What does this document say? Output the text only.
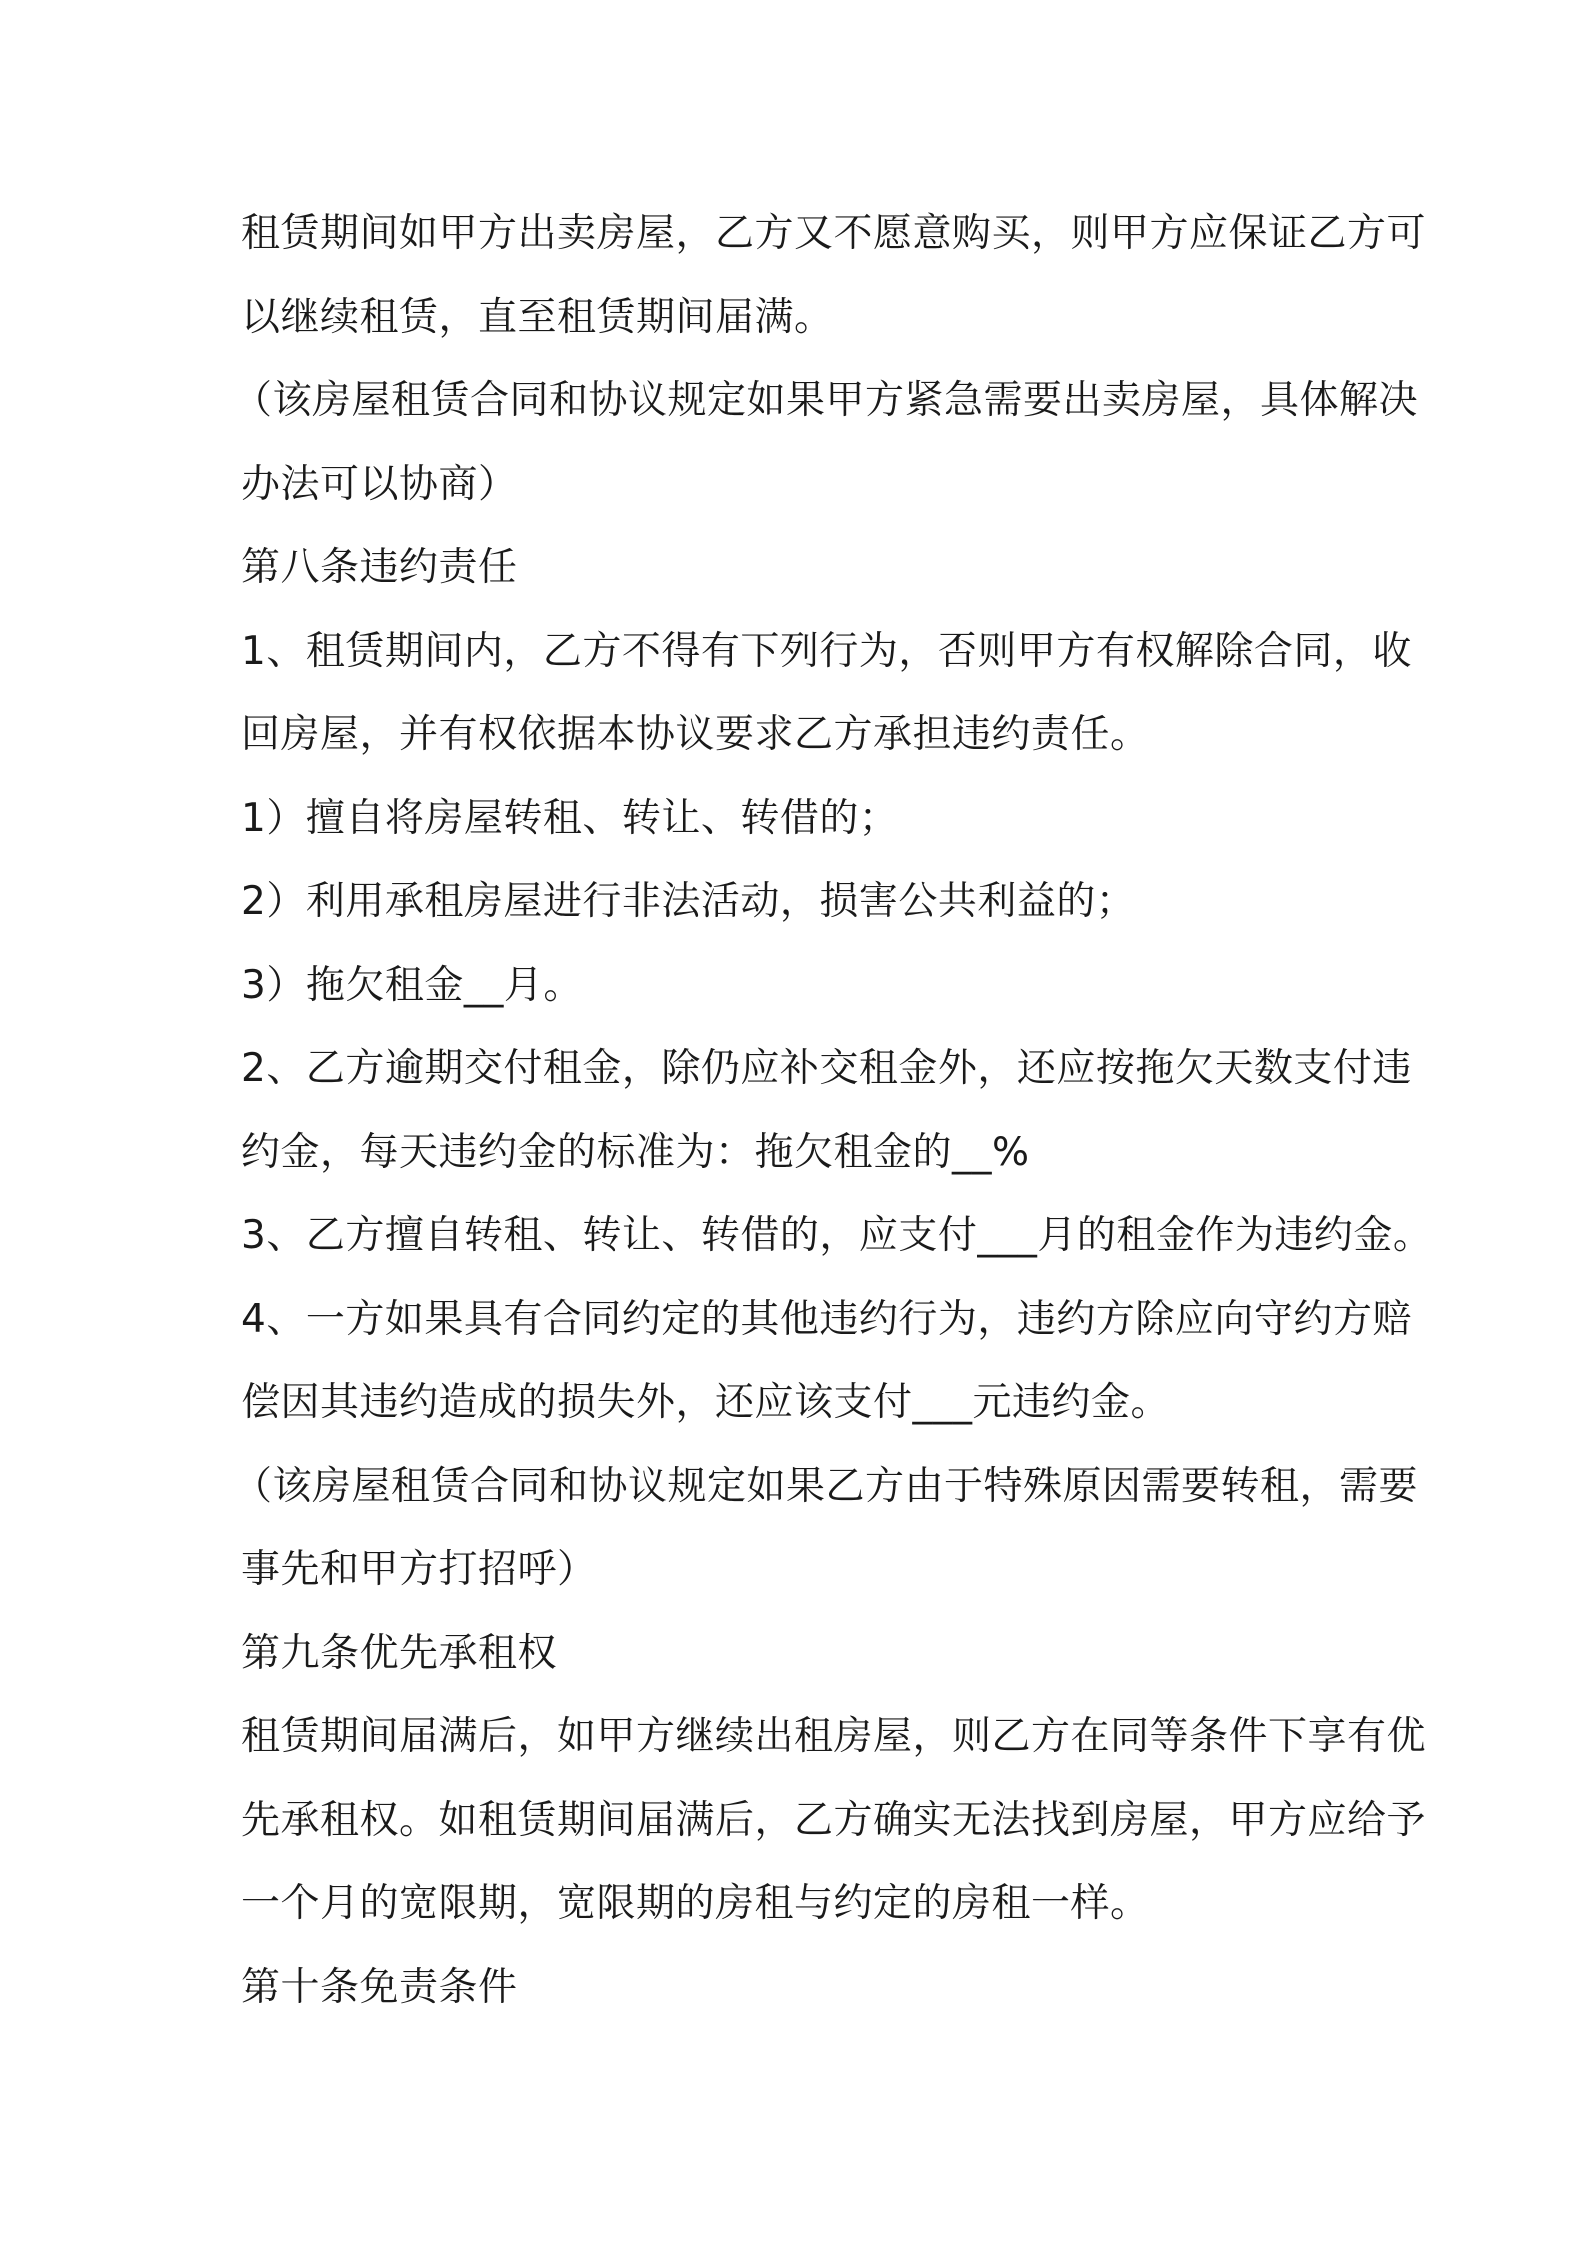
租赁期间如甲方出卖房屋，乙方又不愿意购买，则甲方应保证乙方可
以继续租赁，直至租赁期间届满。
（该房屋租赁合同和协议规定如果甲方紧急需要出卖房屋，具体解决
办法可以协商）
第八条违约责任
1、租赁期间内，乙方不得有下列行为，否则甲方有权解除合同，收
回房屋，并有权依据本协议要求乙方承担违约责任。
1）擅自将房屋转租、转让、转借的；
2）利用承租房屋进行非法活动，损害公共利益的；
3）拖欠租金__月。
2、乙方逾期交付租金，除仍应补交租金外，还应按拖欠天数支付违
约金，每天违约金的标准为：拖欠租金的__%
3、乙方擅自转租、转让、转借的，应支付___月的租金作为违约金。
4、一方如果具有合同约定的其他违约行为，违约方除应向守约方赔
偿因其违约造成的损失外，还应该支付___元违约金。
（该房屋租赁合同和协议规定如果乙方由于特殊原因需要转租，需要
事先和甲方打招呼）
第九条优先承租权
租赁期间届满后，如甲方继续出租房屋，则乙方在同等条件下享有优
先承租权。如租赁期间届满后，乙方确实无法找到房屋，甲方应给予
一个月的宽限期，宽限期的房租与约定的房租一样。
第十条免责条件
